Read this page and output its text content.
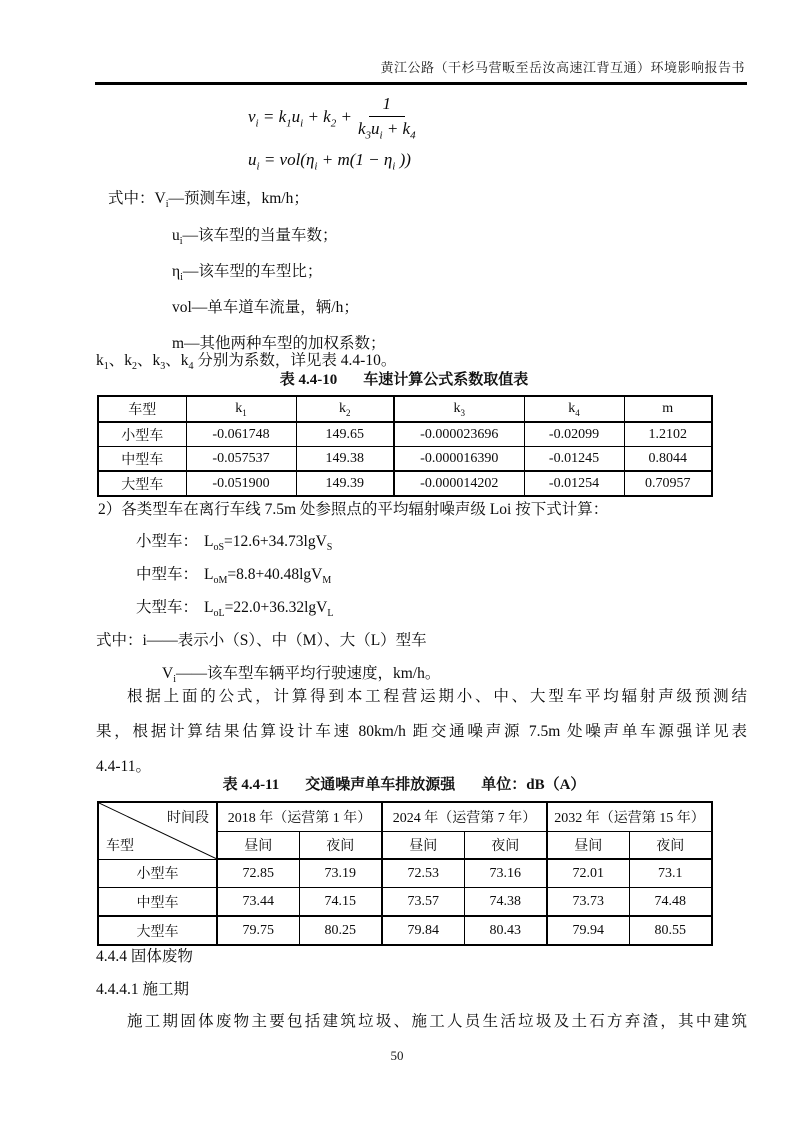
黄江公路（干杉马营畈至岳汝高速江背互通）环境影响报告书
$v_i = k_1u_i + k_2 + \frac{1}{k_3u_i + k_4}$
$u_i = vol(\eta_i + m(1 - \eta_i$ ))
式中：$V_i—$预测车速，km/h；
$u_i—$该车型的当量车数；
$\eta_i—$该车型的车型比；
vol—单车道车流量，辆/h；
m—其他两种车型的加权系数；
$k_1$、$k_2$、$k_3$、$k_4$ 分别为系数，详见表 4.4-10。
表 4.4-10 车速计算公式系数取值表
车型	$k_1$	$k_2$	$k_3$	$k_4$	m
小型车	-0.061748	149.65	-0.000023696	-0.02099	1.2102
中型车	-0.057537	149.38	-0.000016390	-0.01245	0.8044
大型车	-0.051900	149.39	-0.000014202	-0.01254	0.70957
2）各类型车在离行车线 7.5m 处参照点的平均辐射噪声级 Loi 按下式计算：
小型车： $L_{oS}=12.6+34.73\lg V_S$
中型车： $L_{oM}=8.8+40.48\lg V_M$
大型车： $L_{oL}=22.0+36.32\lg V_L$
式中：i——表示小（S）、中（M）、大（L）型车
$V_i——$该车型车辆平均行驶速度，km/h。
根据上面的公式，计算得到本工程营运期小、中、大型车平均辐射声级预测结
果，根据计算结果估算设计车速 80km/h 距交通噪声源 7.5m 处噪声单车源强详见表
4.4-11。
表 4.4-11 交通噪声单车排放源强 单位：dB（A）
时间段
车型	2018 年（运营第 1 年）		2024 年（运营第 7 年）		2032 年（运营第 15 年）	
	昼间	夜间	昼间	夜间	昼间	夜间
小型车	72.85	73.19	72.53	73.16	72.01	73.1
中型车	73.44	74.15	73.57	74.38	73.73	74.48
大型车	79.75	80.25	79.84	80.43	79.94	80.55
4.4.4 固体废物
4.4.4.1 施工期
施工期固体废物主要包括建筑垃圾、施工人员生活垃圾及土石方弃渣，其中建筑
50
